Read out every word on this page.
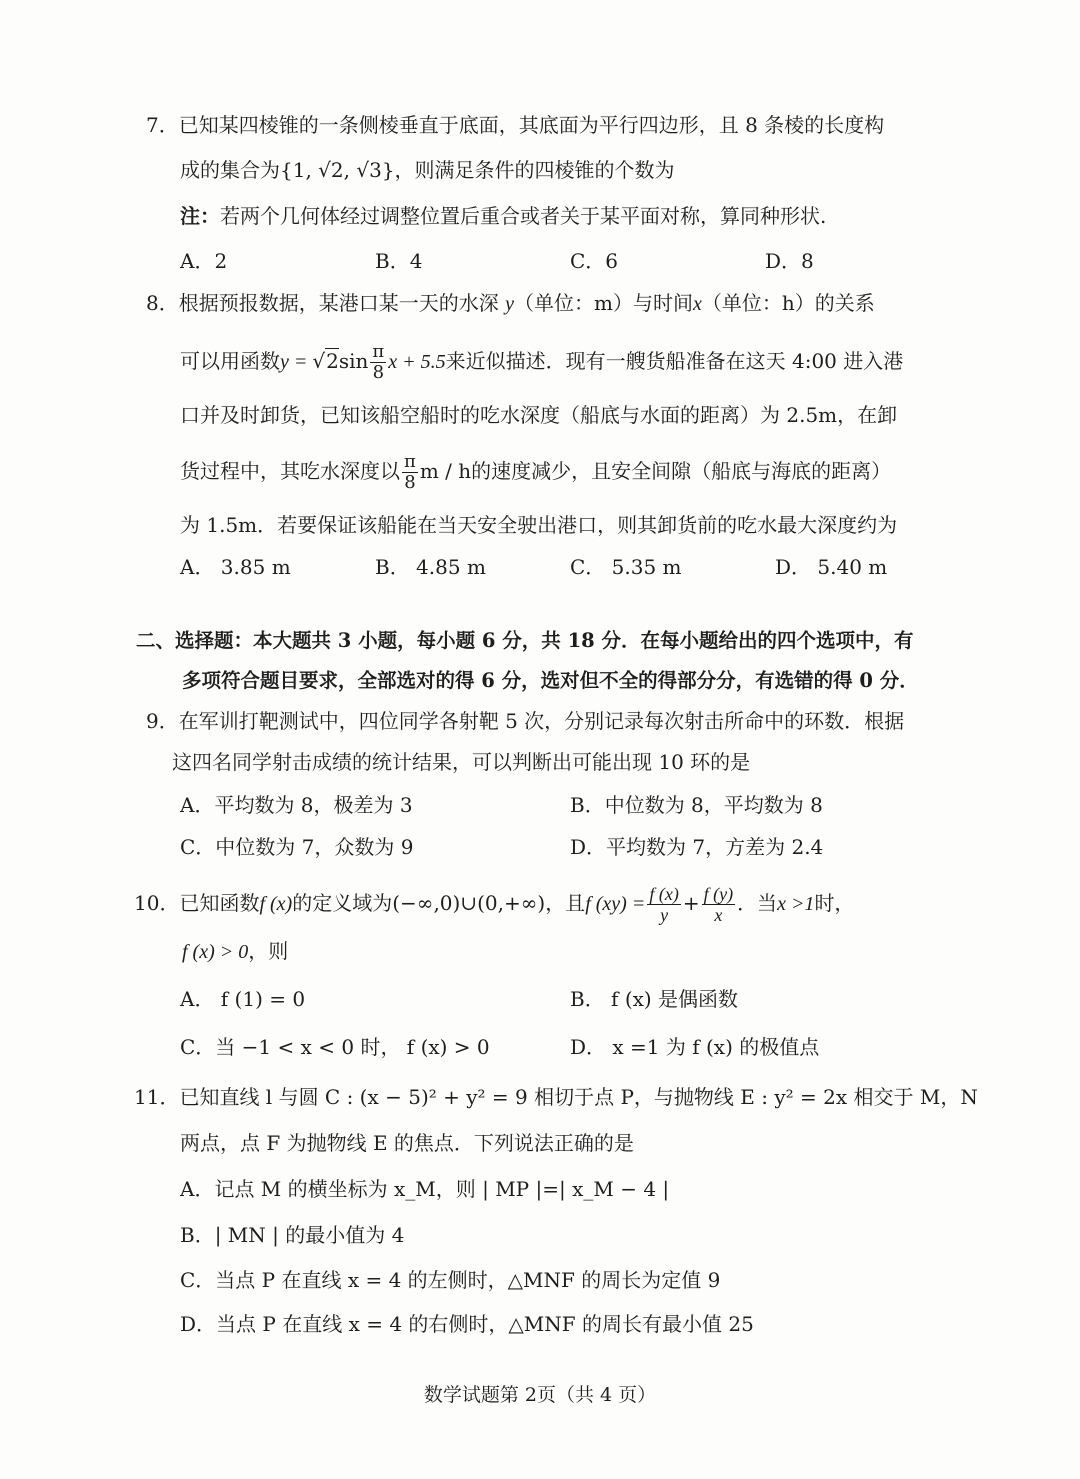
7．已知某四棱锥的一条侧棱垂直于底面，其底面为平行四边形，且 8 条棱的长度构
成的集合为{1, √2, √3}，则满足条件的四棱锥的个数为
注：若两个几何体经过调整位置后重合或者关于某平面对称，算同种形状.
A．2	B．4	C．6	D．8
8．根据预报数据，某港口某一天的水深 y（单位：m）与时间x（单位：h）的关系
可以用函数$y = √2\sin \frac{\pi}{8}$ x + 5.5来近似描述．现有一艘货船准备在这天 4:00 进入港
口并及时卸货，已知该船空船时的吃水深度（船底与水面的距离）为 2.5m，在卸
货过程中，其吃水深度以 $\frac{\pi}{8}$ m / h的速度减少，且安全间隙（船底与海底的距离）
为 1.5m．若要保证该船能在当天安全驶出港口，则其卸货前的吃水最大深度约为
A． 3.85 m	B． 4.85 m	C． 5.35 m	D． 5.40 m
二、选择题：本大题共 3 小题，每小题 6 分，共 18 分．在每小题给出的四个选项中，有
多项符合题目要求，全部选对的得 6 分，选对但不全的得部分分，有选错的得 0 分．
9．在军训打靶测试中，四位同学各射靶 5 次，分别记录每次射击所命中的环数．根据
这四名同学射击成绩的统计结果，可以判断出可能出现 10 环的是
A．平均数为 8，极差为 3	B．中位数为 8，平均数为 8
C．中位数为 7，众数为 9	D．平均数为 7，方差为 2.4
10．已知函数f (x)的定义域为(−∞,0)∪(0,+∞)，且f $(xy) = \frac{f (x)}{y} + \frac{f (y)}{x}$ ．当x >1时，
f (x) > 0，则
A． f (1) = 0	B． f (x) 是偶函数
C．当 −1 < x < 0 时， f (x) > 0	D． x =1 为 f (x) 的极值点
11．已知直线 l 与圆 C : (x − 5)² + y² = 9 相切于点 P，与抛物线 E : y² = 2x 相交于 M，N
两点，点 F 为抛物线 E 的焦点．下列说法正确的是
A．记点 M 的横坐标为 x_M，则 | MP |=| x_M − 4 |
B．| MN | 的最小值为 4
C．当点 P 在直线 x = 4 的左侧时，△MNF 的周长为定值 9
D．当点 P 在直线 x = 4 的右侧时，△MNF 的周长有最小值 25
数学试题第 2页（共 4 页）
